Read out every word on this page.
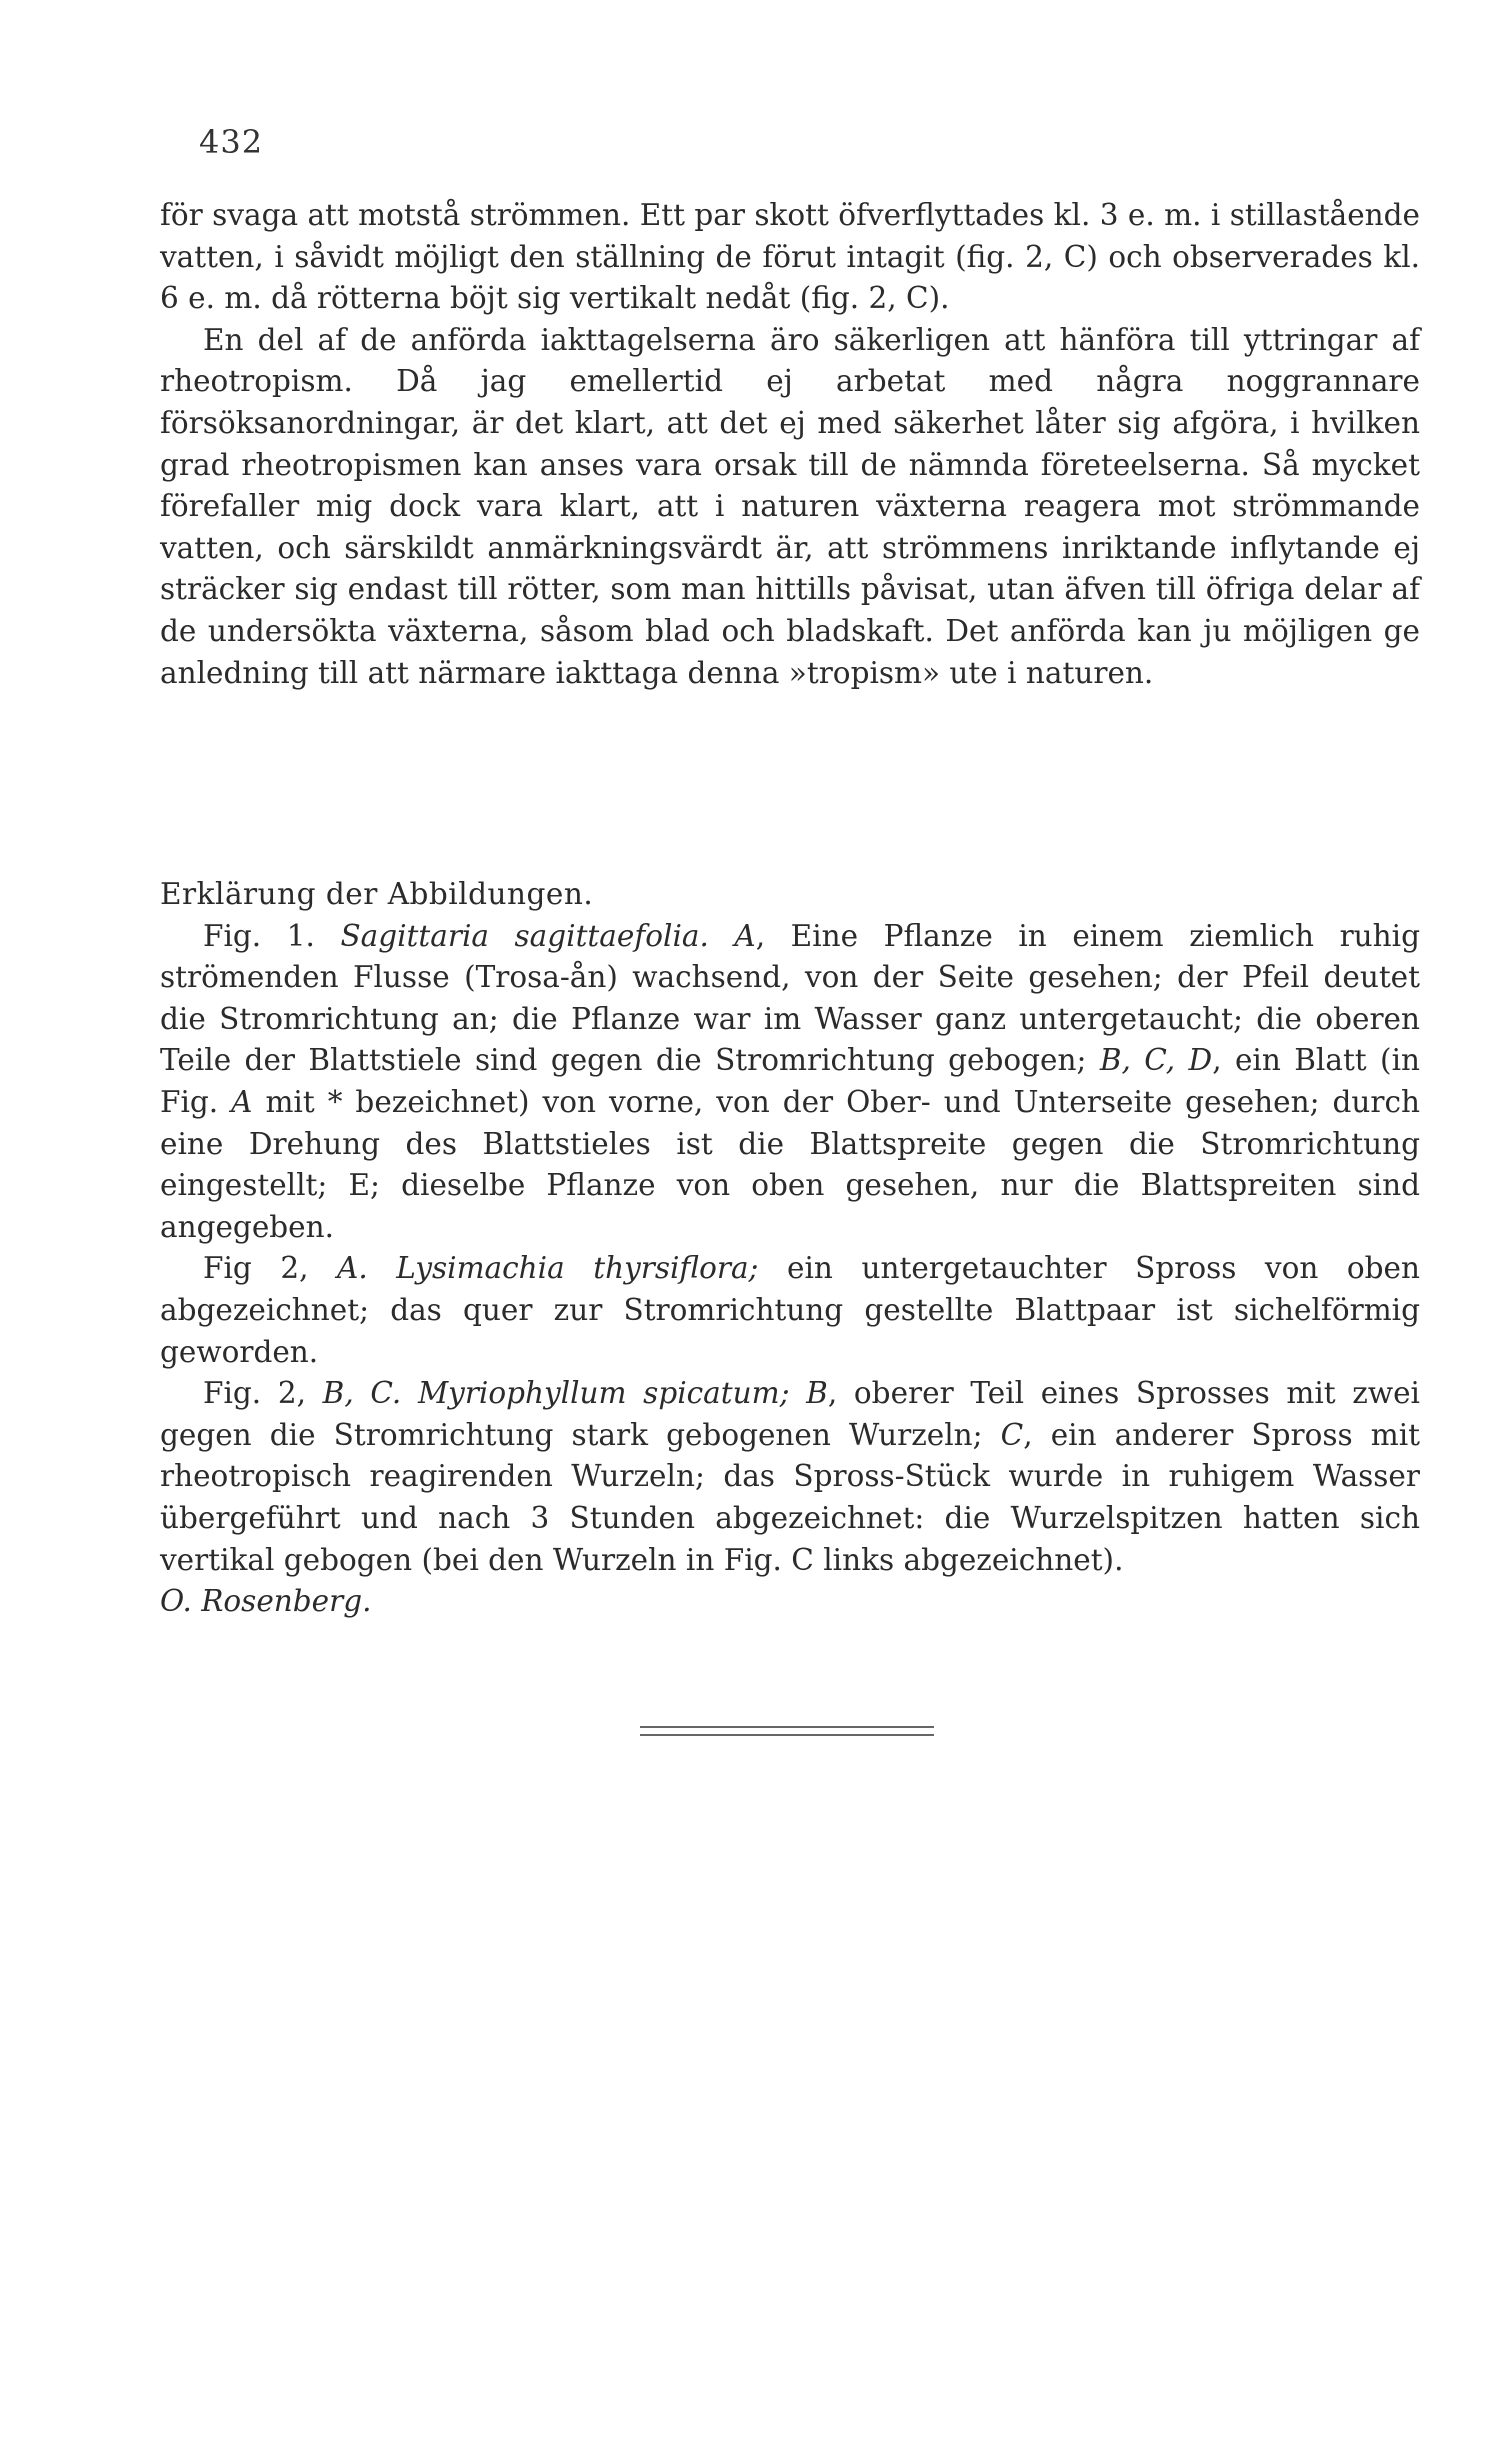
432

för svaga att motstå strömmen. Ett par skott öfverflyttades kl. 3 e. m. i stillastående vatten, i såvidt möjligt den ställning de förut intagit (fig. 2, C) och observerades kl. 6 e. m. då rötterna böjt sig vertikalt nedåt (fig. 2, C).

En del af de anförda iakttagelserna äro säkerligen att hänföra till yttringar af rheotropism. Då jag emellertid ej arbetat med några noggrannare försöksanordningar, är det klart, att det ej med säkerhet låter sig afgöra, i hvilken grad rheotropismen kan anses vara orsak till de nämnda företeelserna. Så mycket förefaller mig dock vara klart, att i naturen växterna reagera mot strömmande vatten, och särskildt anmärkningsvärdt är, att strömmens inriktande inflytande ej sträcker sig endast till rötter, som man hittills påvisat, utan äfven till öfriga delar af de undersökta växterna, såsom blad och bladskaft. Det anförda kan ju möjligen ge anledning till att närmare iakttaga denna »tropism» ute i naturen.

Erklärung der Abbildungen.

Fig. 1. Sagittaria sagittaefolia. A, Eine Pflanze in einem ziemlich ruhig strömenden Flusse (Trosa-ån) wachsend, von der Seite gesehen; der Pfeil deutet die Stromrichtung an; die Pflanze war im Wasser ganz untergetaucht; die oberen Teile der Blattstiele sind gegen die Stromrichtung gebogen; B, C, D, ein Blatt (in Fig. A mit * bezeichnet) von vorne, von der Ober- und Unterseite gesehen; durch eine Drehung des Blattstieles ist die Blattspreite gegen die Stromrichtung eingestellt; E; dieselbe Pflanze von oben gesehen, nur die Blattspreiten sind angegeben.

Fig 2, A. Lysimachia thyrsiflora; ein untergetauchter Spross von oben abgezeichnet; das quer zur Stromrichtung gestellte Blattpaar ist sichelförmig geworden.

Fig. 2, B, C. Myriophyllum spicatum; B, oberer Teil eines Sprosses mit zwei gegen die Stromrichtung stark gebogenen Wurzeln; C, ein anderer Spross mit rheotropisch reagirenden Wurzeln; das Spross-Stück wurde in ruhigem Wasser übergeführt und nach 3 Stunden abgezeichnet: die Wurzelspitzen hatten sich vertikal gebogen (bei den Wurzeln in Fig. C links abgezeichnet).

O. Rosenberg.
